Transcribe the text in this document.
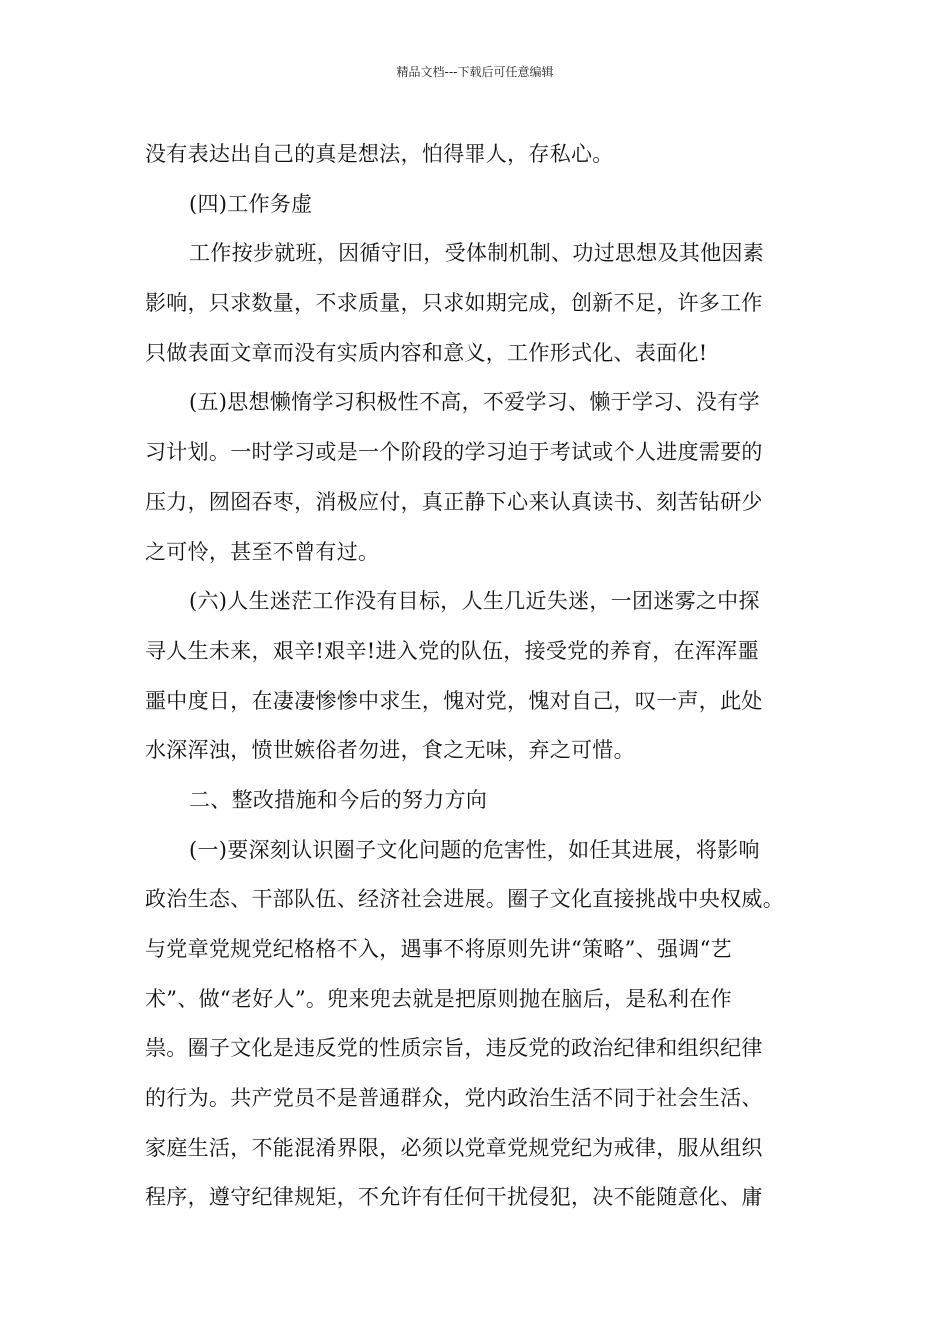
精品文档---下载后可任意编辑
没有表达出自己的真是想法，怕得罪人，存私心。
(四)工作务虚
工作按步就班，因循守旧，受体制机制、功过思想及其他因素
影响，只求数量，不求质量，只求如期完成，创新不足，许多工作
只做表面文章而没有实质内容和意义，工作形式化、表面化!
(五)思想懒惰学习积极性不高，不爱学习、懒于学习、没有学
习计划。一时学习或是一个阶段的学习迫于考试或个人进度需要的
压力，囫囵吞枣，消极应付，真正静下心来认真读书、刻苦钻研少
之可怜，甚至不曾有过。
(六)人生迷茫工作没有目标，人生几近失迷，一团迷雾之中探
寻人生未来，艰辛!艰辛!进入党的队伍，接受党的养育，在浑浑噩
噩中度日，在凄凄惨惨中求生，愧对党，愧对自己，叹一声，此处
水深浑浊，愤世嫉俗者勿进，食之无味，弃之可惜。
二、整改措施和今后的努力方向
(一)要深刻认识圈子文化问题的危害性，如任其进展，将影响
政治生态、干部队伍、经济社会进展。圈子文化直接挑战中央权威。
与党章党规党纪格格不入，遇事不将原则先讲“策略”、强调“艺
术”、做“老好人”。兜来兜去就是把原则抛在脑后，是私利在作
祟。圈子文化是违反党的性质宗旨，违反党的政治纪律和组织纪律
的行为。共产党员不是普通群众，党内政治生活不同于社会生活、
家庭生活，不能混淆界限，必须以党章党规党纪为戒律，服从组织
程序，遵守纪律规矩，不允许有任何干扰侵犯，决不能随意化、庸
